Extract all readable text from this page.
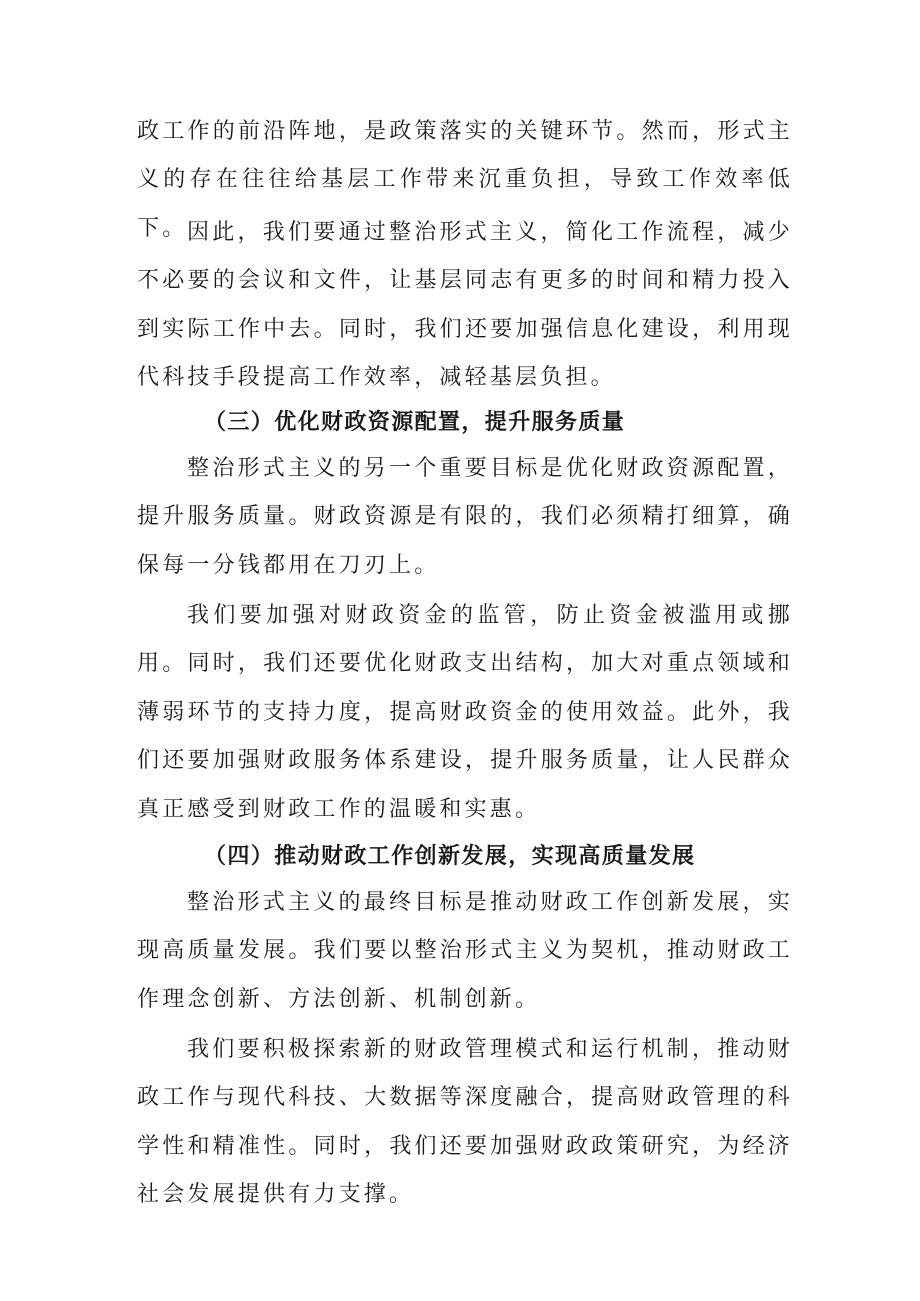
政工作的前沿阵地，是政策落实的关键环节。然而，形式主义的存在往往给基层工作带来沉重负担，导致工作效率低下。 因此，我们要通过整治形式主义，简化工作流程，减少不必要的会议和文件，让基层同志有更多的时间和精力投入到实际工作中去。同时，我们还要加强信息化建设，利用现代科技手段提高工作效率，减轻基层负担。

（三）优化财政资源配置，提升服务质量

整治形式主义的另一个重要目标是优化财政资源配置，提升服务质量。财政资源是有限的，我们必须精打细算，确保每一分钱都用在刀刃上。

我们要加强对财政资金的监管，防止资金被滥用或挪用。同时，我们还要优化财政支出结构，加大对重点领域和薄弱环节的支持力度，提高财政资金的使用效益。此外，我们还要加强财政服务体系建设，提升服务质量，让人民群众真正感受到财政工作的温暖和实惠。

（四）推动财政工作创新发展，实现高质量发展

整治形式主义的最终目标是推动财政工作创新发展，实现高质量发展。我们要以整治形式主义为契机，推动财政工作理念创新、方法创新、机制创新。

我们要积极探索新的财政管理模式和运行机制，推动财政工作与现代科技、大数据等深度融合，提高财政管理的科学性和精准性。同时，我们还要加强财政政策研究，为经济社会发展提供有力支撑。
